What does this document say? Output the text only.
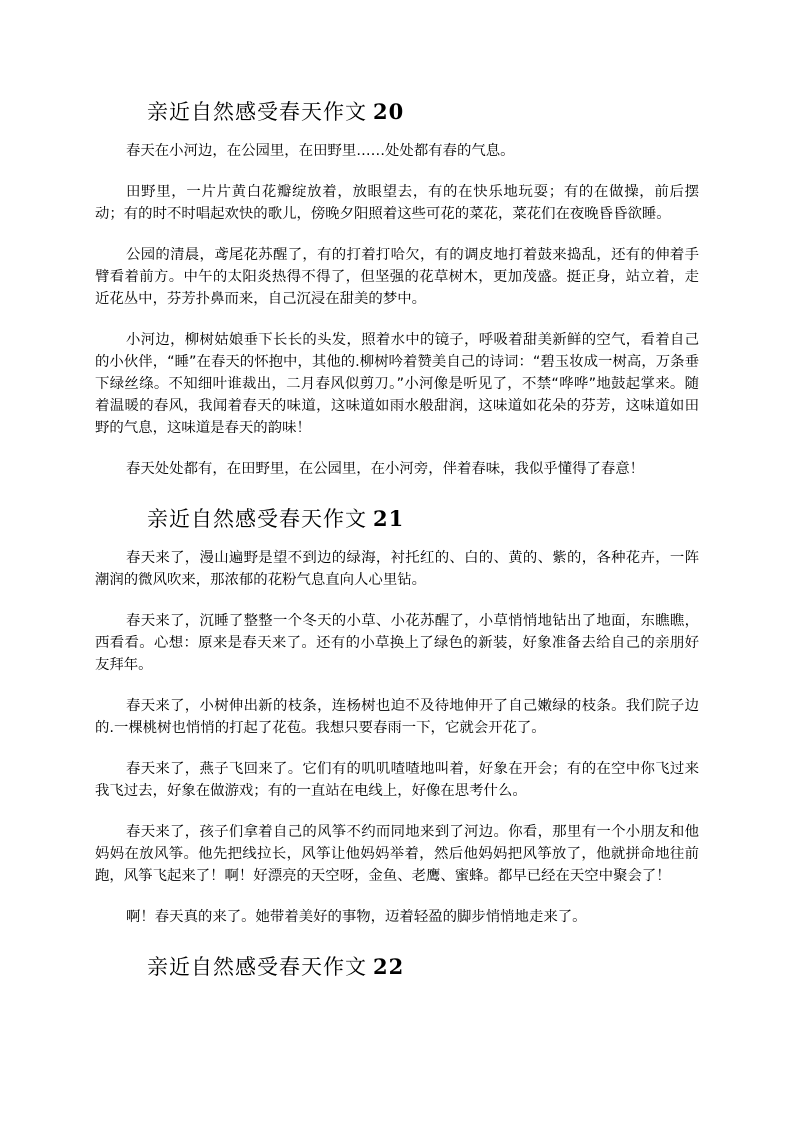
亲近自然感受春天作文 20

春天在小河边，在公园里，在田野里……处处都有春的气息。

田野里，一片片黄白花瓣绽放着，放眼望去，有的在快乐地玩耍；有的在做操，前后摆动；有的时不时唱起欢快的歌儿，傍晚夕阳照着这些可花的菜花，菜花们在夜晚昏昏欲睡。

公园的清晨，鸢尾花苏醒了，有的打着打哈欠，有的调皮地打着鼓来捣乱，还有的伸着手臂看着前方。中午的太阳炎热得不得了，但坚强的花草树木，更加茂盛。挺正身，站立着，走近花丛中，芬芳扑鼻而来，自己沉浸在甜美的梦中。

小河边，柳树姑娘垂下长长的头发，照着水中的镜子，呼吸着甜美新鲜的空气，看着自己的小伙伴，“睡”在春天的怀抱中，其他的.柳树吟着赞美自己的诗词：“碧玉妆成一树高，万条垂下绿丝绦。不知细叶谁裁出，二月春风似剪刀。”小河像是听见了，不禁“哗哗”地鼓起掌来。随着温暖的春风，我闻着春天的味道，这味道如雨水般甜润，这味道如花朵的芬芳，这味道如田野的气息，这味道是春天的韵味！

春天处处都有，在田野里，在公园里，在小河旁，伴着春味，我似乎懂得了春意！

亲近自然感受春天作文 21

春天来了，漫山遍野是望不到边的绿海，衬托红的、白的、黄的、紫的，各种花卉，一阵潮润的微风吹来，那浓郁的花粉气息直向人心里钻。

春天来了，沉睡了整整一个冬天的小草、小花苏醒了，小草悄悄地钻出了地面，东瞧瞧，西看看。心想：原来是春天来了。还有的小草换上了绿色的新装，好象准备去给自己的亲朋好友拜年。

春天来了，小树伸出新的枝条，连杨树也迫不及待地伸开了自己嫩绿的枝条。我们院子边的.一棵桃树也悄悄的打起了花苞。我想只要春雨一下，它就会开花了。

春天来了，燕子飞回来了。它们有的叽叽喳喳地叫着，好象在开会；有的在空中你飞过来我飞过去，好象在做游戏；有的一直站在电线上，好像在思考什么。

春天来了，孩子们拿着自己的风筝不约而同地来到了河边。你看，那里有一个小朋友和他妈妈在放风筝。他先把线拉长，风筝让他妈妈举着，然后他妈妈把风筝放了，他就拼命地往前跑，风筝飞起来了！啊！好漂亮的天空呀，金鱼、老鹰、蜜蜂。都早已经在天空中聚会了！

啊！春天真的来了。她带着美好的事物，迈着轻盈的脚步悄悄地走来了。

亲近自然感受春天作文 22
